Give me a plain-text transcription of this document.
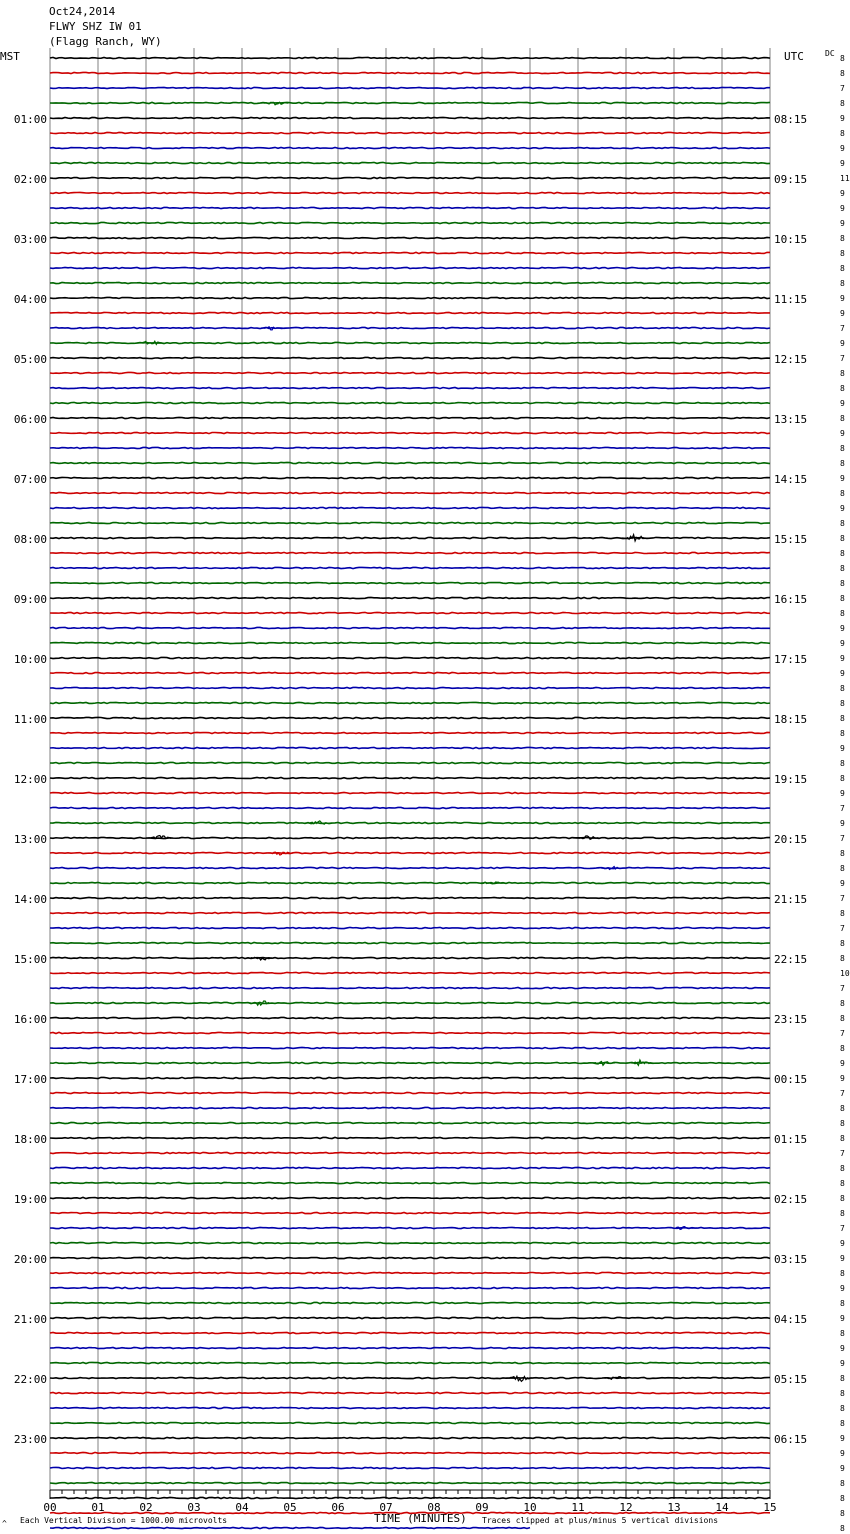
Oct24,2014
FLWY SHZ IW 01
(Flagg Ranch, WY)
MST	UTC	DC
8
8
7
8
9
8
9
9
11
9
9
9
8
8
8
8
9
9
7
9
7
8
8
9
8
9
8
8
9
8
9
8
8
8
8
8
8
8
9
9
9
9
8
8
8
8
9
8
8
9
7
9
7
8
8
9
7
8
7
8
8
10
7
8
8
7
8
9
9
7
8
8
8
7
8
8
8
8
7
9
9
8
9
8
9
8
9
9
8
8
8
8
9
9
9
8
8
8
8
01:00
02:00
03:00
04:00
05:00
06:00
07:00
08:00
09:00
10:00
11:00
12:00
13:00
14:00
15:00
16:00
17:00
18:00
19:00
20:00
21:00
22:00
23:00
08:15
09:15
10:15
11:15
12:15
13:15
14:15
15:15
16:15
17:15
18:15
19:15
20:15
21:15
22:15
23:15
00:15
01:15
02:15
03:15
04:15
05:15
06:15
00	01	02	03	04	05	06	07	08	09	10	11	12	13	14	15
TIME (MINUTES)
Each Vertical Division = 1000.00 microvolts	Traces clipped at plus/minus 5 vertical divisions
^
